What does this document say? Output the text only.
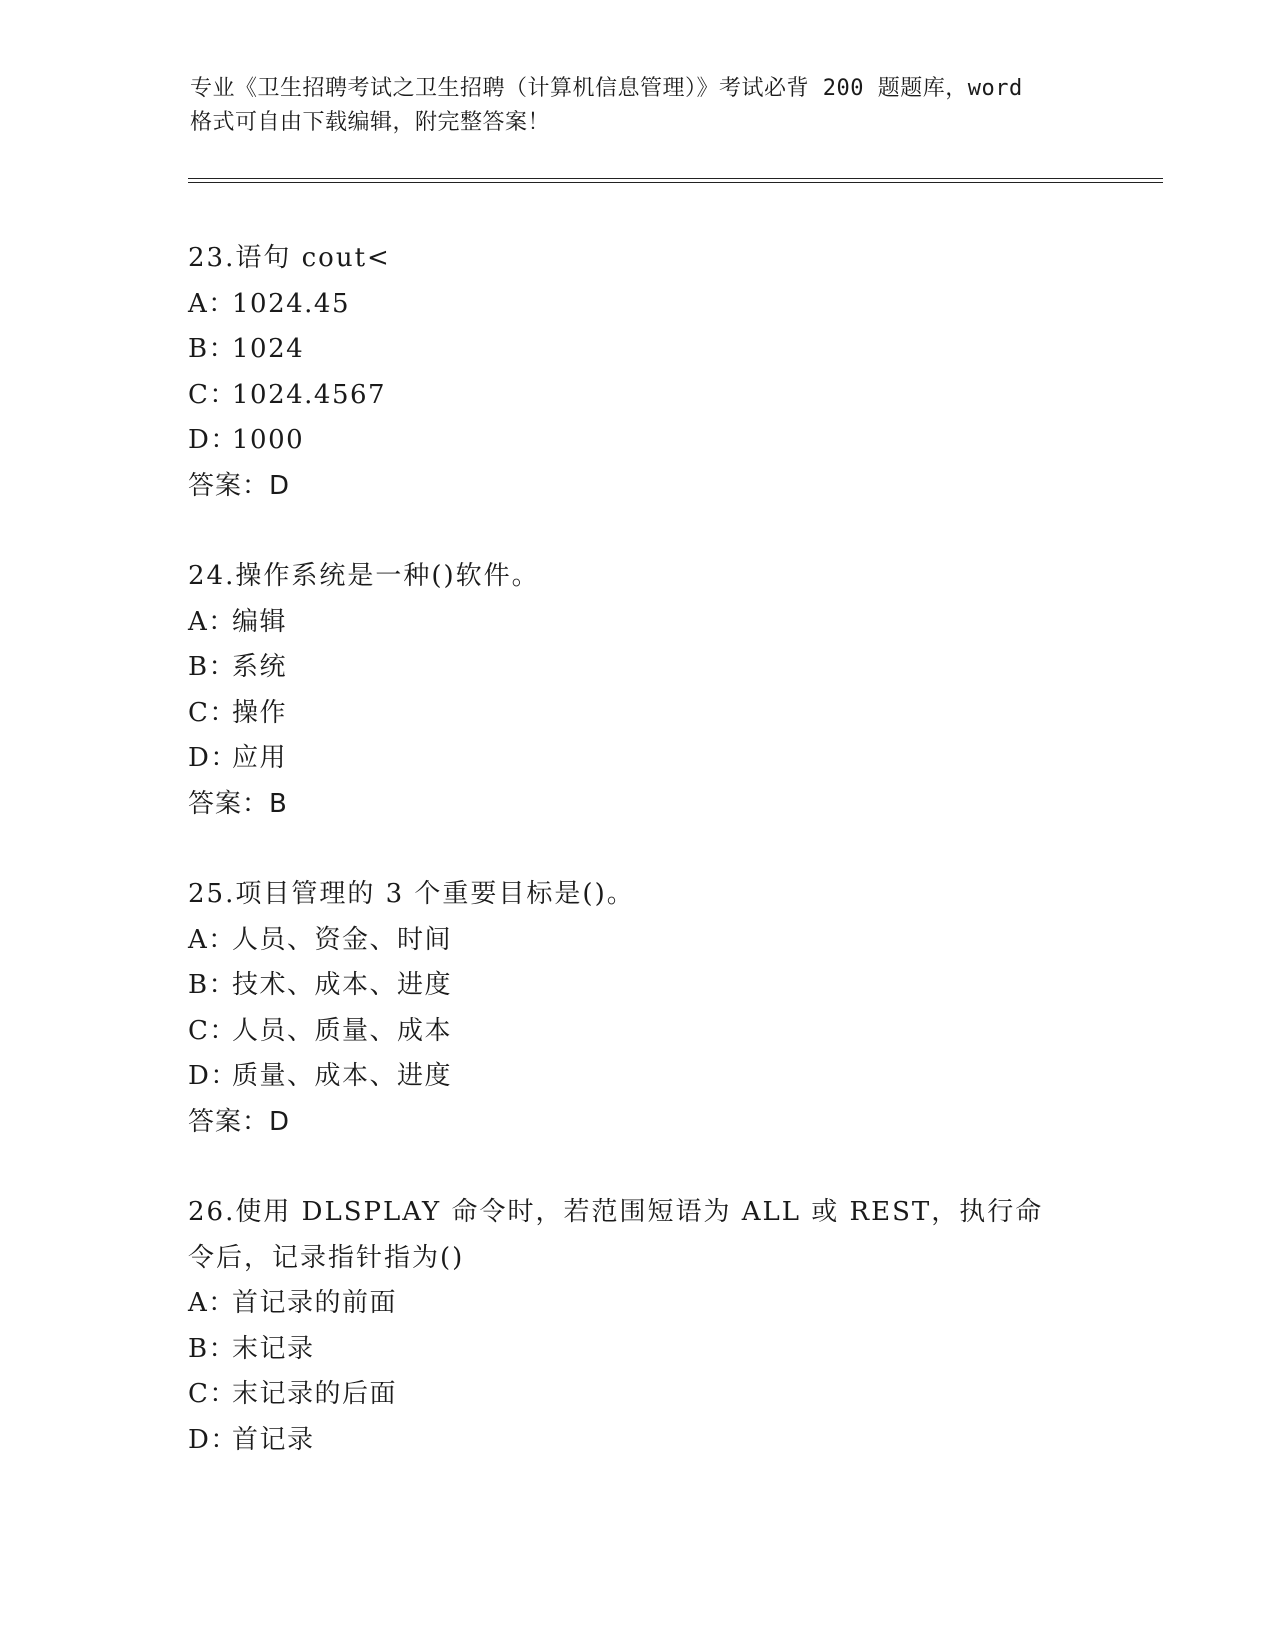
专业《卫生招聘考试之卫生招聘（计算机信息管理）》考试必背 200 题题库，word
格式可自由下载编辑，附完整答案！
23.语句 cout<
A：1024.45
B：1024
C：1024.4567
D：1000
答案：D
24.操作系统是一种()软件。
A：编辑
B：系统
C：操作
D：应用
答案：B
25.项目管理的 3 个重要目标是()。
A：人员、资金、时间
B：技术、成本、进度
C：人员、质量、成本
D：质量、成本、进度
答案：D
26.使用 DLSPLAY 命令时，若范围短语为 ALL 或 REST，执行命令后，记录指针指为()
A：首记录的前面
B：末记录
C：末记录的后面
D：首记录
